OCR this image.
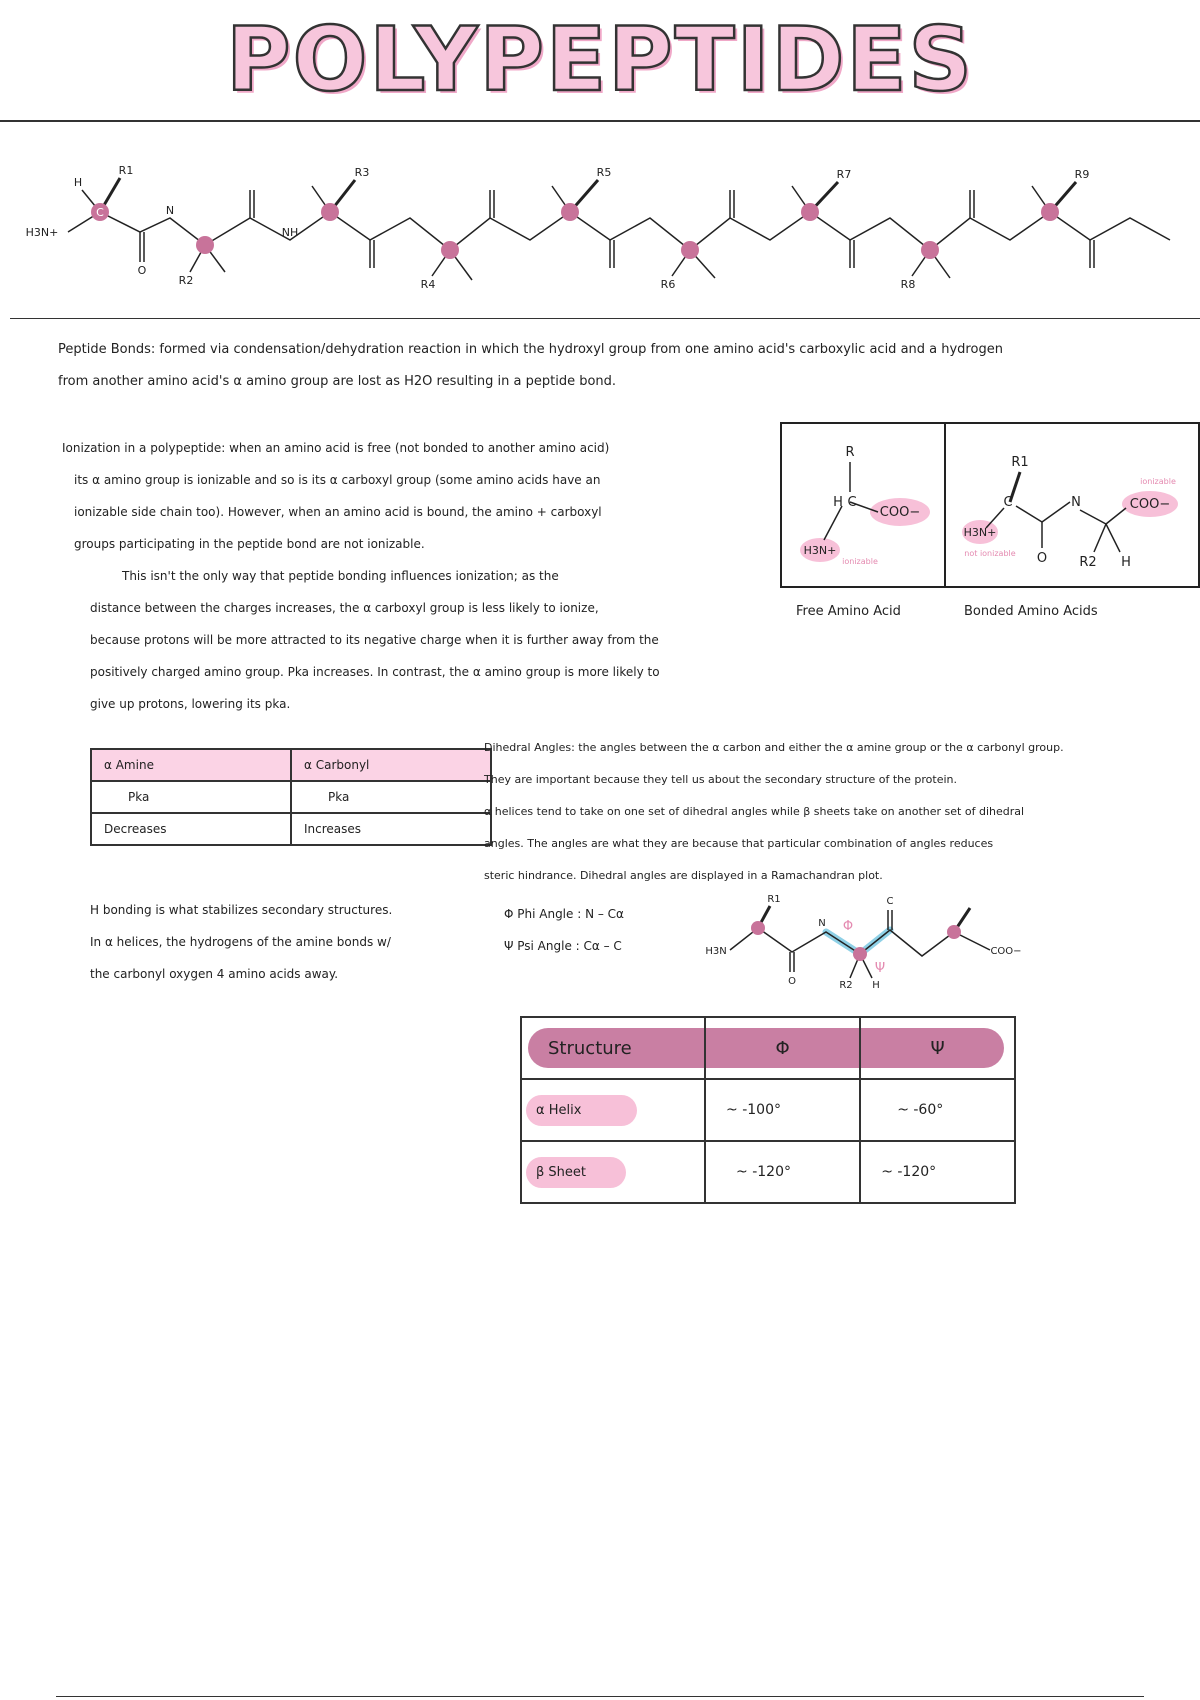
POLYPEPTIDES
H3N+
C	N
NH
O
H
R1
R2
R3
R4
R5
R6
R7
R8
R9
Peptide Bonds: formed via condensation/dehydration reaction in which the hydroxyl group from one amino acid's carboxylic acid and a hydrogen
from another amino acid's α amino group are lost as H2O resulting in a peptide bond.
Ionization in a polypeptide: when an amino acid is free (not bonded to another amino acid)
its α amino group is ionizable and so is its α carboxyl group (some amino acids have an
ionizable side chain too). However, when an amino acid is bound, the amino + carboxyl
groups participating in the peptide bond are not ionizable.
This isn't the only way that peptide bonding influences ionization; as the
distance between the charges increases, the α carboxyl group is less likely to ionize,
because protons will be more attracted to its negative charge when it is further away from the
positively charged amino group. Pka increases. In contrast, the α amino group is more likely to
give up protons, lowering its pka.
R
H C
COO−
H3N+
R1
C
H3N+
O
N	COO−
R2 H
ionizable
not ionizable
ionizable
Free Amino Acid	Bonded Amino Acids
α Amine	α Carbonyl
Pka	Pka
Decreases	Increases
H bonding is what stabilizes secondary structures.
In α helices, the hydrogens of the amine bonds w/
the carbonyl oxygen 4 amino acids away.
Dihedral Angles: the angles between the α carbon and either the α amine group or the α carbonyl group.
They are important because they tell us about the secondary structure of the protein.
α helices tend to take on one set of dihedral angles while β sheets take on another set of dihedral
angles. The angles are what they are because that particular combination of angles reduces
steric hindrance. Dihedral angles are displayed in a Ramachandran plot.
Φ Phi Angle : N – Cα
Ψ Psi Angle : Cα – C	H3N
R1
O
N
R2 H
C
COO−
Φ
Ψ
Structure	Φ	Ψ
α Helix	~ -100°	~ -60°
β Sheet	~ -120°	~ -120°
